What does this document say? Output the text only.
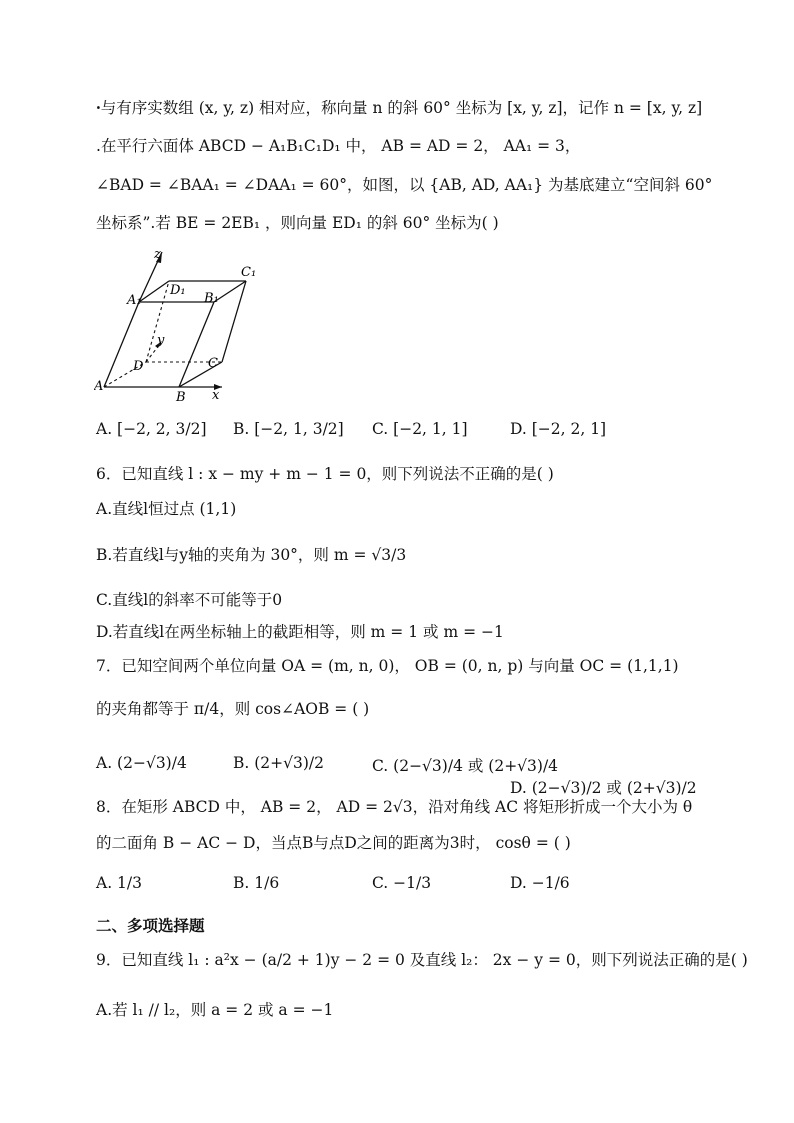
ꞏ与有序实数组 (x, y, z) 相对应，称向量 n 的斜 60° 坐标为 [x, y, z]，记作 n = [x, y, z]
.在平行六面体 ABCD − A₁B₁C₁D₁ 中， AB = AD = 2， AA₁ = 3，
∠BAD = ∠BAA₁ = ∠DAA₁ = 60°，如图，以 {AB, AD, AA₁} 为基底建立“空间斜 60°
坐标系”.若 BE = 2EB₁ ，则向量 ED₁ 的斜 60° 坐标为( )
z
C₁
D₁
A₁	B₁
y
D	C
A
B x
A. [−2, 2, 3/2] B. [−2, 1, 3/2] C. [−2, 1, 1]	D. [−2, 2, 1]
6．已知直线 l : x − my + m − 1 = 0，则下列说法不正确的是( )
A.直线l恒过点 (1,1)
B.若直线l与y轴的夹角为 30°，则 m = √3/3
C.直线l的斜率不可能等于0
D.若直线l在两坐标轴上的截距相等，则 m = 1 或 m = −1
7．已知空间两个单位向量 OA = (m, n, 0)， OB = (0, n, p) 与向量 OC = (1,1,1)
的夹角都等于 π/4，则 cos∠AOB = ( )
A. (2−√3)/4	B. (2+√3)/2	C. (2−√3)/4 或 (2+√3)/4
D. (2−√3)/2 或 (2+√3)/2
8．在矩形 ABCD 中， AB = 2， AD = 2√3，沿对角线 AC 将矩形折成一个大小为 θ
的二面角 B − AC − D，当点B与点D之间的距离为3时， cosθ = ( )
A. 1/3	B. 1/6	C. −1/3	D. −1/6
二、多项选择题
9．已知直线 l₁ : a²x − (a/2 + 1)y − 2 = 0 及直线 l₂： 2x − y = 0，则下列说法正确的是( )
A.若 l₁ // l₂，则 a = 2 或 a = −1
